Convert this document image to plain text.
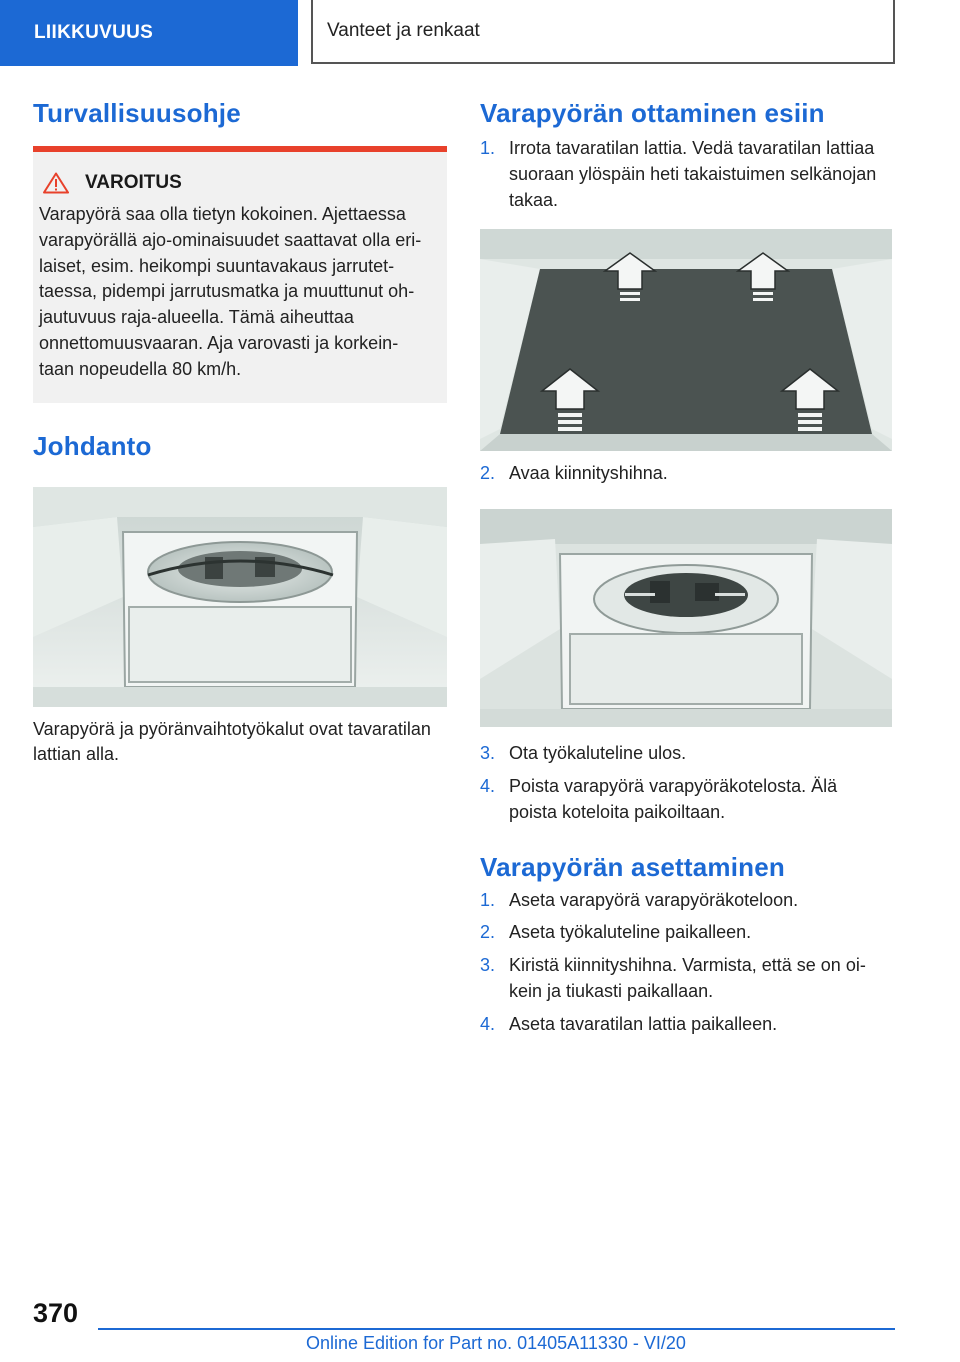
LIIKKUVUUS	Vanteet ja renkaat
Turvallisuusohje
VAROITUS
Varapyörä saa olla tietyn kokoinen. Ajettaessa
varapyörällä ajo-ominaisuudet saattavat olla eri-
laiset, esim. heikompi suuntavakaus jarrutet-
taessa, pidempi jarrutusmatka ja muuttunut oh-
jautuvuus raja-alueella. Tämä aiheuttaa
onnettomuusvaaran. Aja varovasti ja korkein-
taan nopeudella 80 km/h.
Johdanto
Varapyörä ja pyöränvaihtotyökalut ovat tavaratilan
lattian alla.
Varapyörän ottaminen esiin
1. Irrota tavaratilan lattia. Vedä tavaratilan lattiaa
suoraan ylöspäin heti takaistuimen selkänojan
takaa.
2. Avaa kiinnityshihna.
3. Ota työkaluteline ulos.
4. Poista varapyörä varapyöräkotelosta. Älä
poista koteloita paikoiltaan.
Varapyörän asettaminen
1. Aseta varapyörä varapyöräkoteloon.
2. Aseta työkaluteline paikalleen.
3. Kiristä kiinnityshihna. Varmista, että se on oi-
kein ja tiukasti paikallaan.
4. Aseta tavaratilan lattia paikalleen.
370
Online Edition for Part no. 01405A11330 - VI/20
